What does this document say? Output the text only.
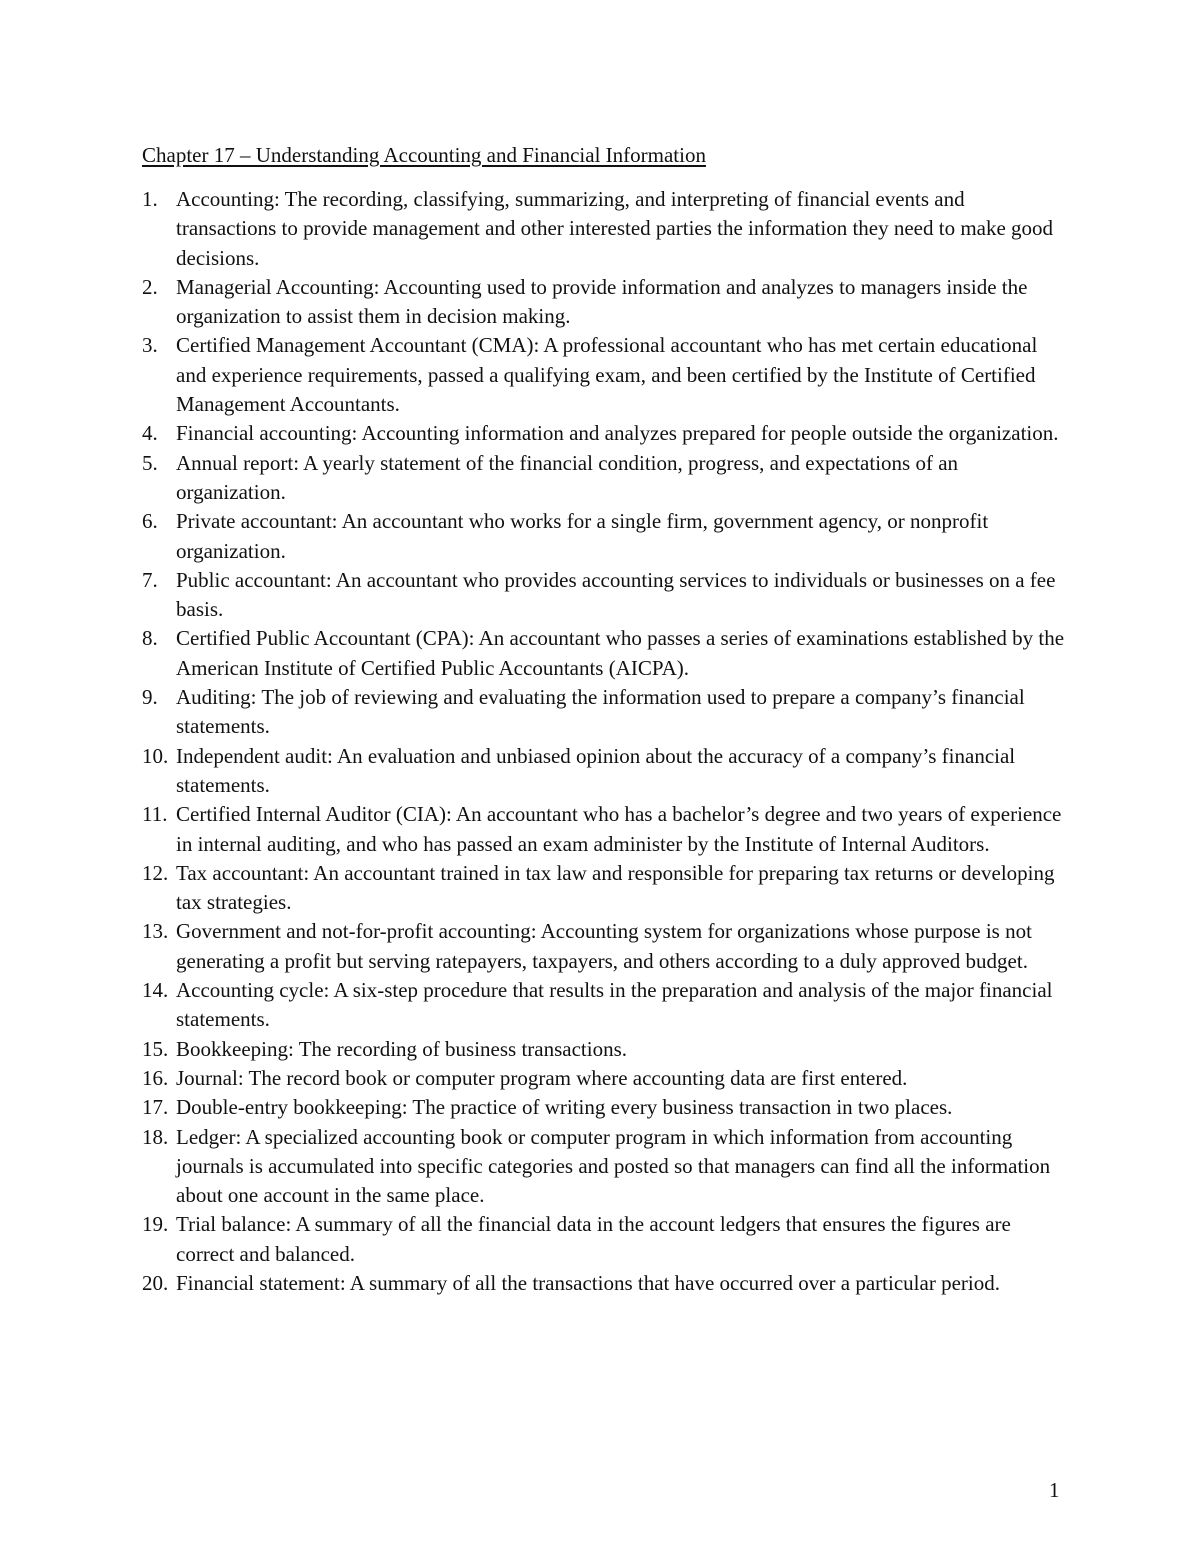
Chapter 17 – Understanding Accounting and Financial Information
1. Accounting: The recording, classifying, summarizing, and interpreting of financial events and transactions to provide management and other interested parties the information they need to make good decisions.
2. Managerial Accounting: Accounting used to provide information and analyzes to managers inside the organization to assist them in decision making.
3. Certified Management Accountant (CMA): A professional accountant who has met certain educational and experience requirements, passed a qualifying exam, and been certified by the Institute of Certified Management Accountants.
4. Financial accounting: Accounting information and analyzes prepared for people outside the organization.
5. Annual report: A yearly statement of the financial condition, progress, and expectations of an organization.
6. Private accountant: An accountant who works for a single firm, government agency, or nonprofit organization.
7. Public accountant: An accountant who provides accounting services to individuals or businesses on a fee basis.
8. Certified Public Accountant (CPA): An accountant who passes a series of examinations established by the American Institute of Certified Public Accountants (AICPA).
9. Auditing: The job of reviewing and evaluating the information used to prepare a company’s financial statements.
10. Independent audit: An evaluation and unbiased opinion about the accuracy of a company’s financial statements.
11. Certified Internal Auditor (CIA): An accountant who has a bachelor’s degree and two years of experience in internal auditing, and who has passed an exam administer by the Institute of Internal Auditors.
12. Tax accountant: An accountant trained in tax law and responsible for preparing tax returns or developing tax strategies.
13. Government and not-for-profit accounting: Accounting system for organizations whose purpose is not generating a profit but serving ratepayers, taxpayers, and others according to a duly approved budget.
14. Accounting cycle: A six-step procedure that results in the preparation and analysis of the major financial statements.
15. Bookkeeping: The recording of business transactions.
16. Journal: The record book or computer program where accounting data are first entered.
17. Double-entry bookkeeping: The practice of writing every business transaction in two places.
18. Ledger: A specialized accounting book or computer program in which information from accounting journals is accumulated into specific categories and posted so that managers can find all the information about one account in the same place.
19. Trial balance: A summary of all the financial data in the account ledgers that ensures the figures are correct and balanced.
20. Financial statement: A summary of all the transactions that have occurred over a particular period.
1
